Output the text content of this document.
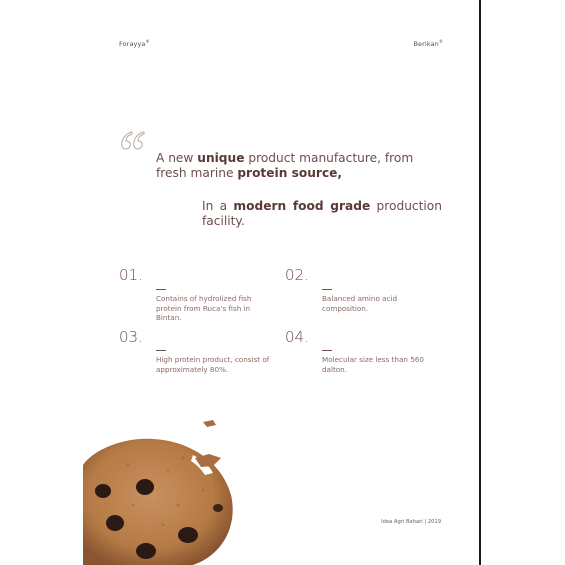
Forayya®	Berikan®
A new unique product manufacture, from
fresh marine protein source,
In a modern food grade production facility.
01.
Contains of hydrolized fish protein from Ruca's fish in Bintan.
02.
Balanced amino acid composition.
03.
High protein product, consist of approximately 80%.
04.
Molecular size less than 560 dalton.
Idea Agri Bahari | 2019
